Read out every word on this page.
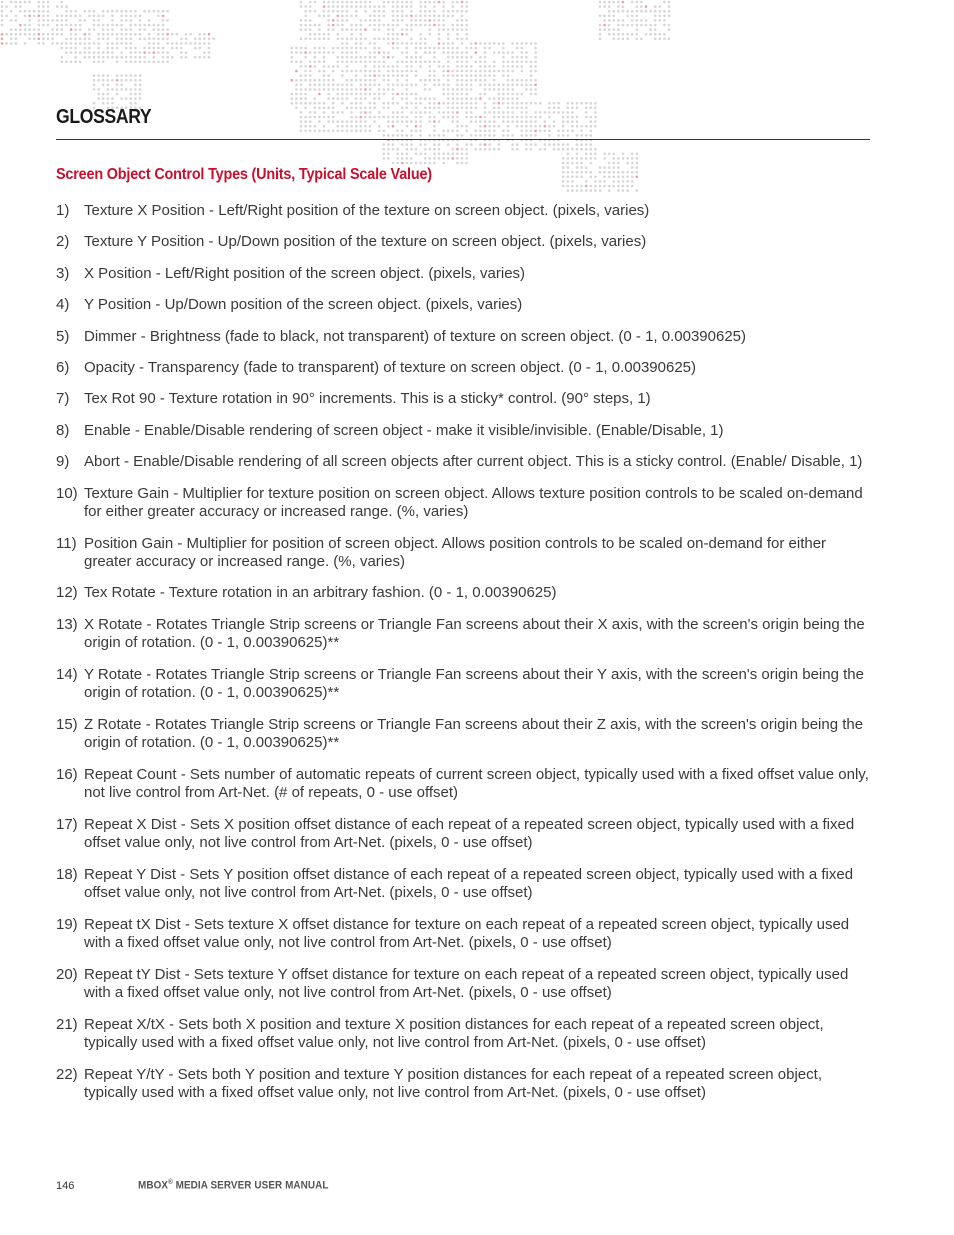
GLOSSARY
Screen Object Control Types (Units, Typical Scale Value)
1) Texture X Position - Left/Right position of the texture on screen object. (pixels, varies)
2) Texture Y Position - Up/Down position of the texture on screen object. (pixels, varies)
3) X Position - Left/Right position of the screen object. (pixels, varies)
4) Y Position - Up/Down position of the screen object. (pixels, varies)
5) Dimmer - Brightness (fade to black, not transparent) of texture on screen object. (0 - 1, 0.00390625)
6) Opacity - Transparency (fade to transparent) of texture on screen object. (0 - 1, 0.00390625)
7) Tex Rot 90 - Texture rotation in 90° increments. This is a sticky* control. (90° steps, 1)
8) Enable - Enable/Disable rendering of screen object - make it visible/invisible. (Enable/Disable, 1)
9) Abort - Enable/Disable rendering of all screen objects after current object. This is a sticky control. (Enable/ Disable, 1)
10) Texture Gain - Multiplier for texture position on screen object. Allows texture position controls to be scaled on-demand for either greater accuracy or increased range. (%, varies)
11) Position Gain - Multiplier for position of screen object. Allows position controls to be scaled on-demand for either greater accuracy or increased range. (%, varies)
12) Tex Rotate - Texture rotation in an arbitrary fashion. (0 - 1, 0.00390625)
13) X Rotate - Rotates Triangle Strip screens or Triangle Fan screens about their X axis, with the screen's origin being the origin of rotation. (0 - 1, 0.00390625)**
14) Y Rotate - Rotates Triangle Strip screens or Triangle Fan screens about their Y axis, with the screen's origin being the origin of rotation. (0 - 1, 0.00390625)**
15) Z Rotate - Rotates Triangle Strip screens or Triangle Fan screens about their Z axis, with the screen's origin being the origin of rotation. (0 - 1, 0.00390625)**
16) Repeat Count - Sets number of automatic repeats of current screen object, typically used with a fixed offset value only, not live control from Art-Net. (# of repeats, 0 - use offset)
17) Repeat X Dist - Sets X position offset distance of each repeat of a repeated screen object, typically used with a fixed offset value only, not live control from Art-Net. (pixels, 0 - use offset)
18) Repeat Y Dist - Sets Y position offset distance of each repeat of a repeated screen object, typically used with a fixed offset value only, not live control from Art-Net. (pixels, 0 - use offset)
19) Repeat tX Dist - Sets texture X offset distance for texture on each repeat of a repeated screen object, typically used with a fixed offset value only, not live control from Art-Net. (pixels, 0 - use offset)
20) Repeat tY Dist - Sets texture Y offset distance for texture on each repeat of a repeated screen object, typically used with a fixed offset value only, not live control from Art-Net. (pixels, 0 - use offset)
21) Repeat X/tX - Sets both X position and texture X position distances for each repeat of a repeated screen object, typically used with a fixed offset value only, not live control from Art-Net. (pixels, 0 - use offset)
22) Repeat Y/tY - Sets both Y position and texture Y position distances for each repeat of a repeated screen object, typically used with a fixed offset value only, not live control from Art-Net. (pixels, 0 - use offset)
146	MBOX® MEDIA SERVER USER MANUAL
